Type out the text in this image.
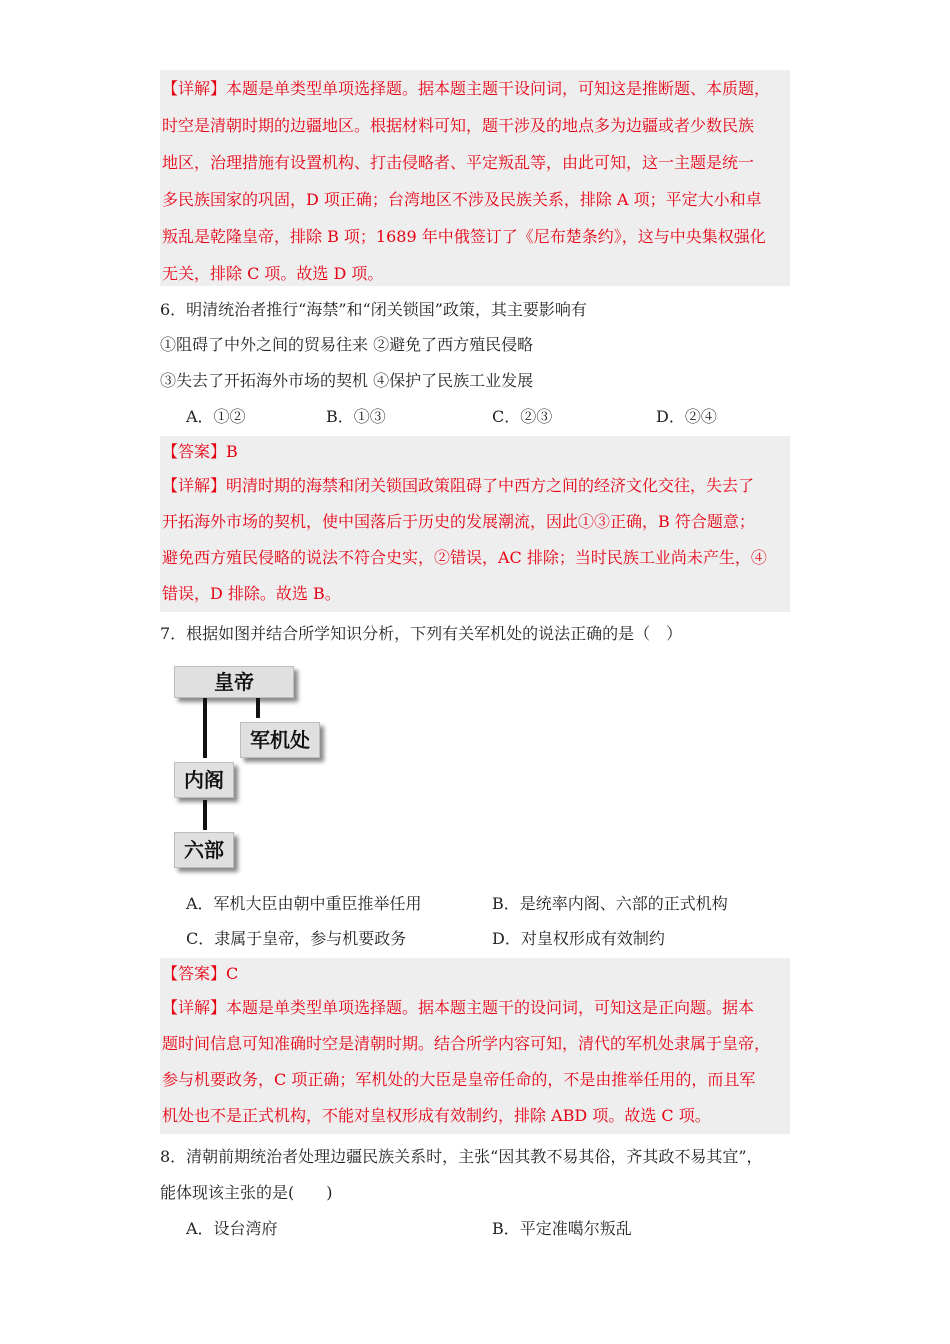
【详解】本题是单类型单项选择题。据本题主题干设问词，可知这是推断题、本质题，
时空是清朝时期的边疆地区。根据材料可知，题干涉及的地点多为边疆或者少数民族
地区，治理措施有设置机构、打击侵略者、平定叛乱等，由此可知，这一主题是统一
多民族国家的巩固，D 项正确；台湾地区不涉及民族关系，排除 A 项；平定大小和卓
叛乱是乾隆皇帝，排除 B 项；1689 年中俄签订了《尼布楚条约》，这与中央集权强化
无关，排除 C 项。故选 D 项。
6．明清统治者推行“海禁”和“闭关锁国”政策，其主要影响有
①阻碍了中外之间的贸易往来 ②避免了西方殖民侵略
③失去了开拓海外市场的契机 ④保护了民族工业发展
A．①②	B．①③	C．②③	D．②④
【答案】B
【详解】明清时期的海禁和闭关锁国政策阻碍了中西方之间的经济文化交往，失去了
开拓海外市场的契机，使中国落后于历史的发展潮流，因此①③正确，B 符合题意；
避免西方殖民侵略的说法不符合史实，②错误，AC 排除；当时民族工业尚未产生，④
错误，D 排除。故选 B。
7．根据如图并结合所学知识分析，下列有关军机处的说法正确的是（　）
皇帝
军机处
内阁
六部
A．军机大臣由朝中重臣推举任用	B．是统率内阁、六部的正式机构
C．隶属于皇帝，参与机要政务	D．对皇权形成有效制约
【答案】C
【详解】本题是单类型单项选择题。据本题主题干的设问词，可知这是正向题。据本
题时间信息可知准确时空是清朝时期。结合所学内容可知，清代的军机处隶属于皇帝，
参与机要政务，C 项正确；军机处的大臣是皇帝任命的，不是由推举任用的，而且军
机处也不是正式机构，不能对皇权形成有效制约，排除 ABD 项。故选 C 项。
8．清朝前期统治者处理边疆民族关系时，主张“因其教不易其俗，齐其政不易其宜”，
能体现该主张的是(　　)
A．设台湾府	B．平定准噶尔叛乱
